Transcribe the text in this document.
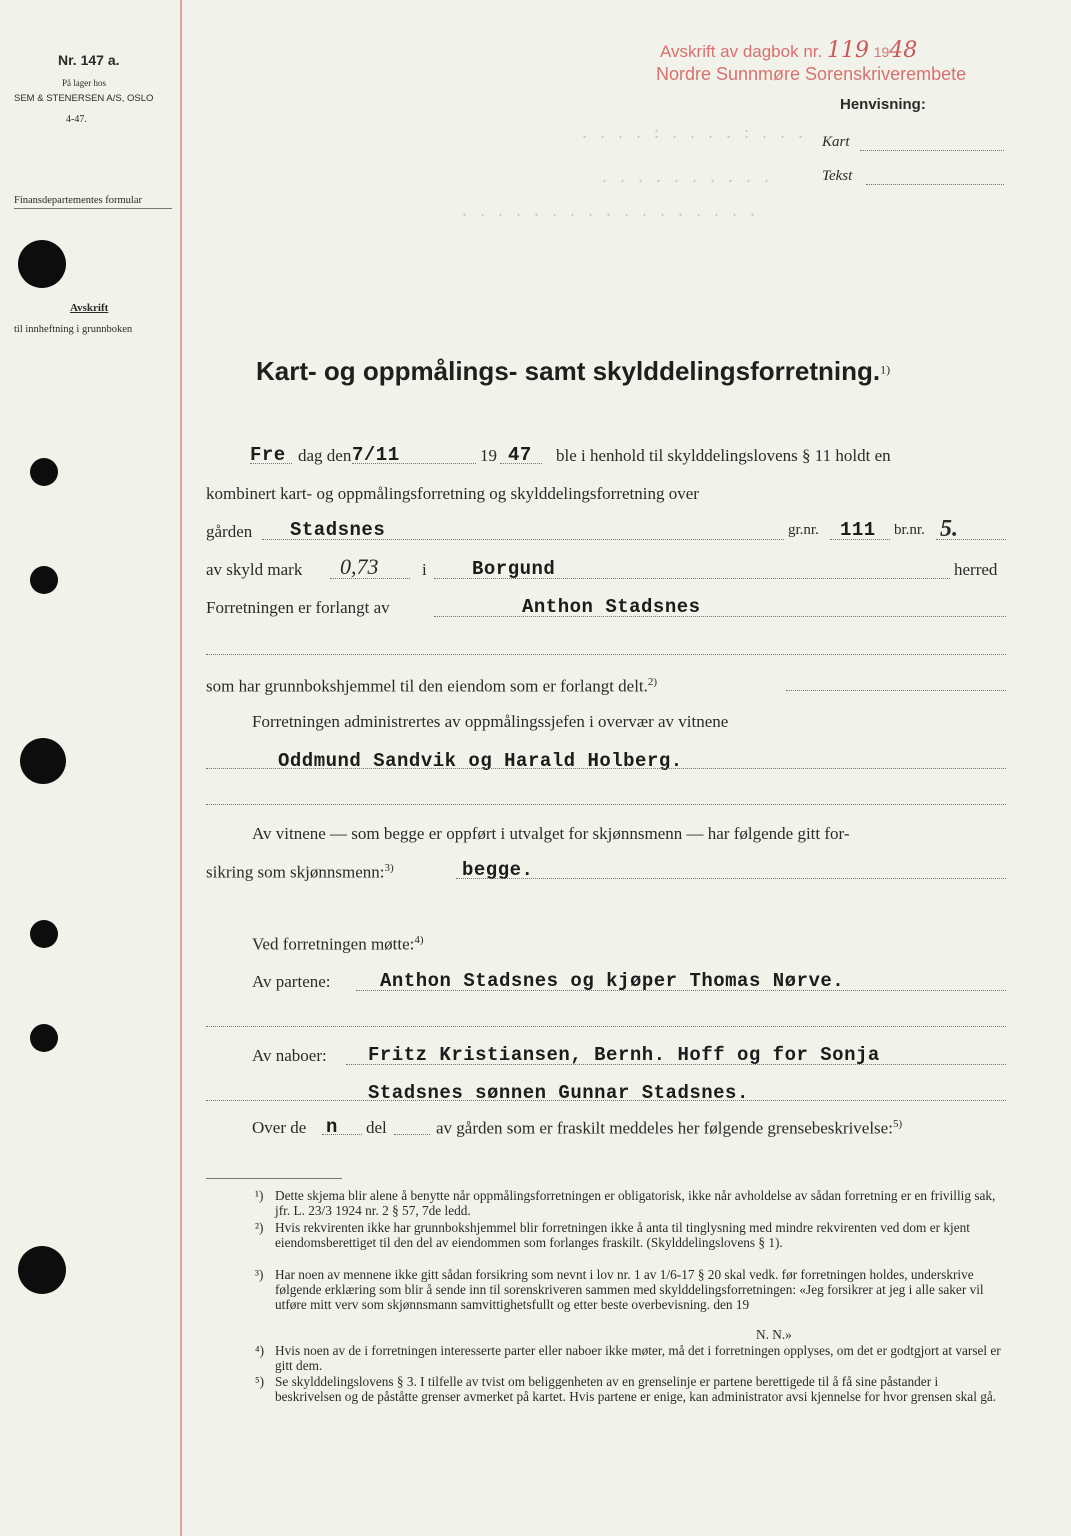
Nr. 147 a.
På lager hos
SEM & STENERSEN A/S, OSLO
4-47.
Finansdepartementes formular
Avskrift
til innheftning i grunnboken
Avskrift av dagbok nr. 119 1948
Nordre Sunnmøre Sorenskriverembete
Henvisning:
Kart
Tekst
. . . . : . . . . : . . .
. . . . . . . . . .
. . . . . . . . . . . . . . . . .
Kart- og oppmålings- samt skylddelingsforretning.$^{1)}$
Fre dag den 7/11	19 47 ble i henhold til skylddelingslovens § 11 holdt en
kombinert kart- og oppmålingsforretning og skylddelingsforretning over
gården Stadsnes	gr.nr. 111 br.nr. 5.
av skyld mark 0,73	i Borgund	herred
Forretningen er forlangt av	Anthon Stadsnes
som har grunnbokshjemmel til den eiendom som er forlangt delt.$^{2)}$
Forretningen administrertes av oppmålingssjefen i overvær av vitnene
Oddmund Sandvik og Harald Holberg.
Av vitnene — som begge er oppført i utvalget for skjønnsmenn — har følgende gitt for-
sikring som skjønnsmenn:$^{3)}$	begge.
Ved forretningen møtte:$^{4)}$
Av partene:	Anthon Stadsnes og kjøper Thomas Nørve.
Av naboer: Fritz Kristiansen, Bernh. Hoff og for Sonja
Stadsnes sønnen Gunnar Stadsnes.
Over de n del	av gården som er fraskilt meddeles her følgende grensebeskrivelse:$^{5)}$
¹) Dette skjema blir alene å benytte når oppmålingsforretningen er obligatorisk, ikke når avholdelse av sådan forretning er en frivillig sak, jfr. L. 23/3 1924 nr. 2 § 57, 7de ledd.
²) Hvis rekvirenten ikke har grunnbokshjemmel blir forretningen ikke å anta til tinglysning med mindre rekvirenten ved dom er kjent eiendomsberettiget til den del av eiendommen som forlanges fraskilt. (Skylddelingslovens § 1).
³) Har noen av mennene ikke gitt sådan forsikring som nevnt i lov nr. 1 av 1/6-17 § 20 skal vedk. før forretningen holdes, underskrive følgende erklæring som blir å sende inn til sorenskriveren sammen med skylddelingsforretningen: «Jeg forsikrer at jeg i alle saker vil utføre mitt verv som skjønnsmann samvittighetsfullt og etter beste overbevisning. den 19
N. N.»
⁴) Hvis noen av de i forretningen interesserte parter eller naboer ikke møter, må det i forretningen opplyses, om det er godtgjort at varsel er gitt dem.
⁵) Se skylddelingslovens § 3. I tilfelle av tvist om beliggenheten av en grenselinje er partene berettigede til å få sine påstander i beskrivelsen og de påståtte grenser avmerket på kartet. Hvis partene er enige, kan administrator avsi kjennelse for hvor grensen skal gå.
